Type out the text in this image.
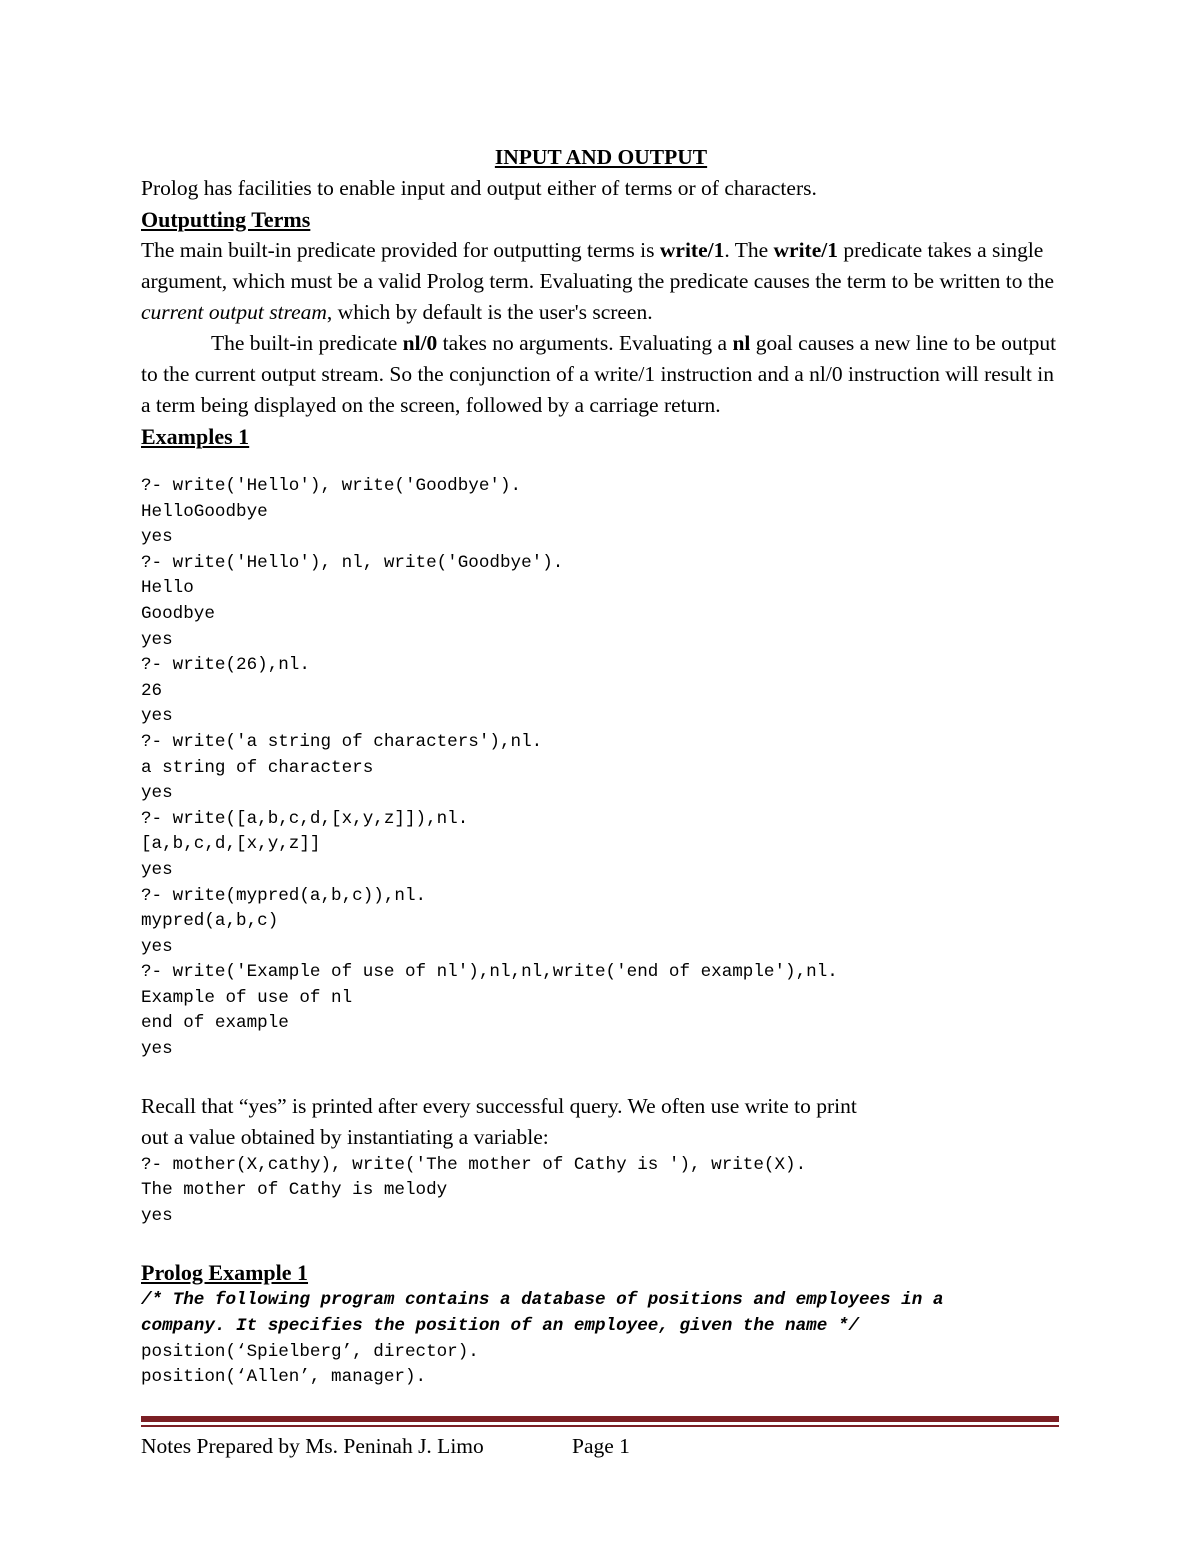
INPUT AND OUTPUT

Prolog has facilities to enable input and output either of terms or of characters.

Outputting Terms

The main built-in predicate provided for outputting terms is write/1. The write/1 predicate takes a single argument, which must be a valid Prolog term. Evaluating the predicate causes the term to be written to the current output stream, which by default is the user's screen.

The built-in predicate nl/0 takes no arguments. Evaluating a nl goal causes a new line to be output to the current output stream. So the conjunction of a write/1 instruction and a nl/0 instruction will result in a term being displayed on the screen, followed by a carriage return.

Examples 1

?- write('Hello'), write('Goodbye').

HelloGoodbye

yes

?- write('Hello'), nl, write('Goodbye').

Hello

Goodbye

yes

?- write(26),nl.

26

yes

?- write('a string of characters'),nl.

a string of characters

yes

?- write([a,b,c,d,[x,y,z]]),nl.

[a,b,c,d,[x,y,z]]

yes

?- write(mypred(a,b,c)),nl.

mypred(a,b,c)

yes

?- write('Example of use of nl'),nl,nl,write('end of example'),nl.

Example of use of nl

end of example

yes

Recall that “yes” is printed after every successful query. We often use write to print

out a value obtained by instantiating a variable:

?- mother(X,cathy), write('The mother of Cathy is '), write(X).

The mother of Cathy is melody

yes

Prolog Example 1

/* The following program contains a database of positions and employees in a

company. It specifies the position of an employee, given the name */

position(‘Spielberg’, director).

position(‘Allen’, manager).

Notes Prepared by Ms. Peninah J. Limo	Page 1
